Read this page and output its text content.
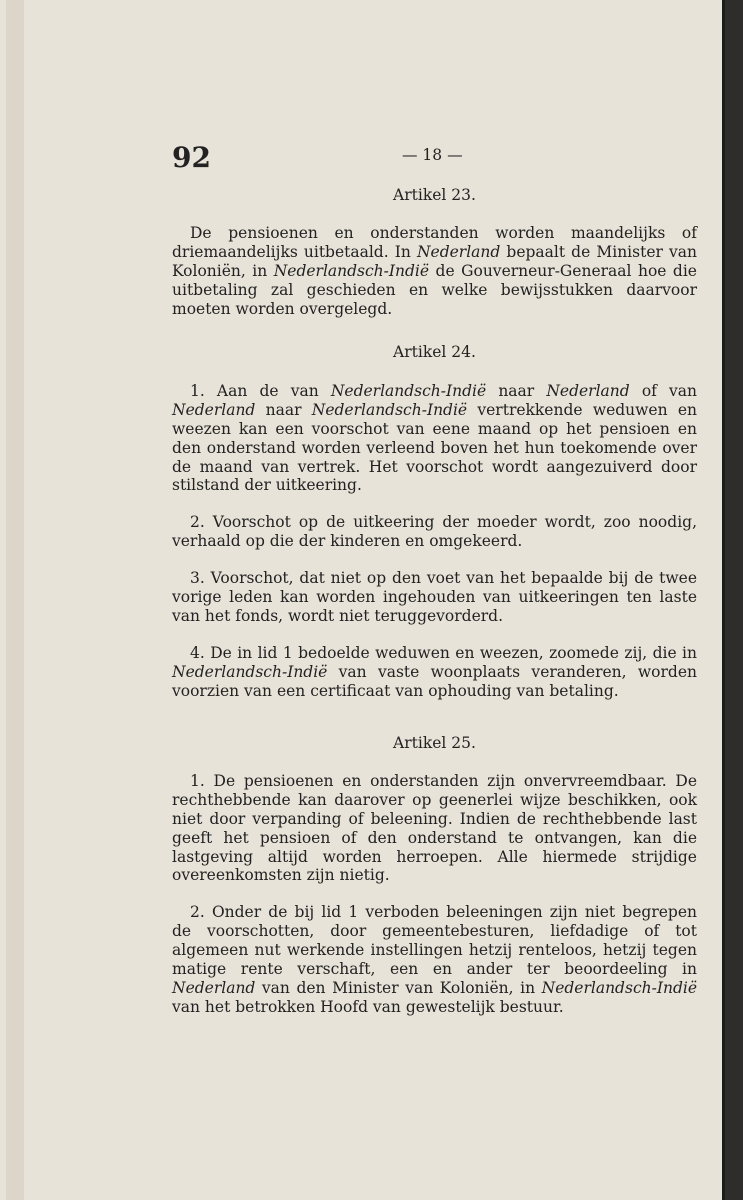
92	— 18 —
Artikel 23.

De pensioenen en onderstanden worden maandelijks of driemaandelijks uitbetaald. In Nederland bepaalt de Minister van Koloniën, in Nederlandsch-Indië de Gouverneur-Generaal hoe die uitbetaling zal geschieden en welke bewijsstukken daarvoor moeten worden overgelegd.

Artikel 24.

1. Aan de van Nederlandsch-Indië naar Nederland of van Nederland naar Nederlandsch-Indië vertrekkende weduwen en weezen kan een voorschot van eene maand op het pensioen en den onderstand worden verleend boven het hun toekomende over de maand van vertrek. Het voorschot wordt aangezuiverd door stilstand der uitkeering.

2. Voorschot op de uitkeering der moeder wordt, zoo noodig, verhaald op die der kinderen en omgekeerd.

3. Voorschot, dat niet op den voet van het bepaalde bij de twee vorige leden kan worden ingehouden van uitkeeringen ten laste van het fonds, wordt niet teruggevorderd.

4. De in lid 1 bedoelde weduwen en weezen, zoomede zij, die in Nederlandsch-Indië van vaste woonplaats veranderen, worden voorzien van een certificaat van ophouding van betaling.

Artikel 25.

1. De pensioenen en onderstanden zijn onvervreemdbaar. De rechthebbende kan daarover op geenerlei wijze beschikken, ook niet door verpanding of beleening. Indien de rechthebbende last geeft het pensioen of den onderstand te ontvangen, kan die lastgeving altijd worden herroepen. Alle hiermede strijdige overeenkomsten zijn nietig.

2. Onder de bij lid 1 verboden beleeningen zijn niet begrepen de voorschotten, door gemeentebesturen, liefdadige of tot algemeen nut werkende instellingen hetzij renteloos, hetzij tegen matige rente verschaft, een en ander ter beoordeeling in Nederland van den Minister van Koloniën, in Nederlandsch-Indië van het betrokken Hoofd van gewestelijk bestuur.
